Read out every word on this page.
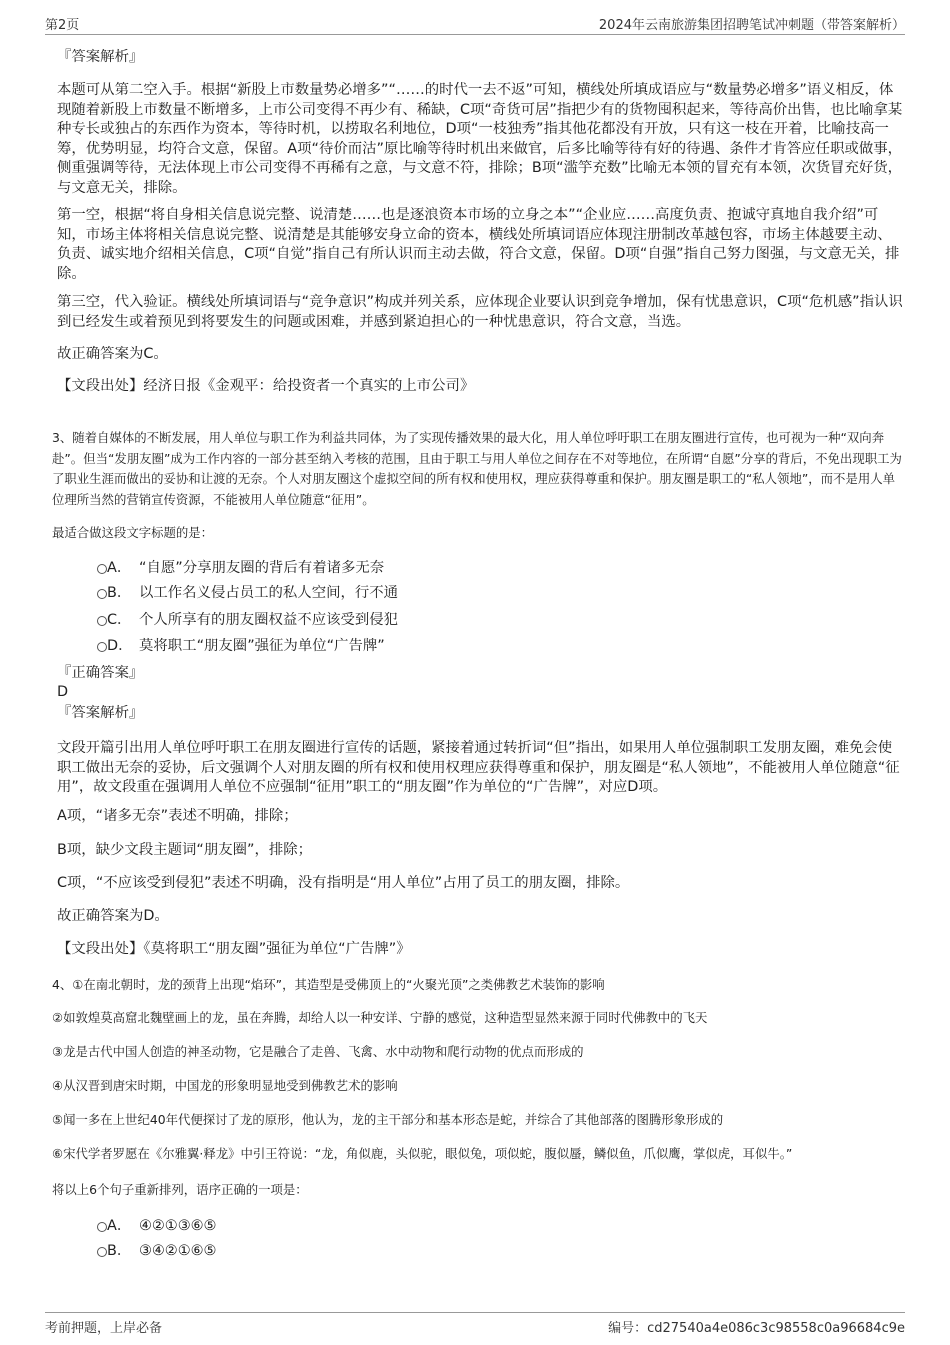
第2页	2024年云南旅游集团招聘笔试冲刺题（带答案解析）

『答案解析』

本题可从第二空入手。根据“新股上市数量势必增多”“……的时代一去不返”可知，横线处所填成语应与“数量势必增多”语义相反，体现随着新股上市数量不断增多，上市公司变得不再少有、稀缺，C项“奇货可居”指把少有的货物囤积起来，等待高价出售，也比喻拿某种专长或独占的东西作为资本，等待时机，以捞取名利地位，D项“一枝独秀”指其他花都没有开放，只有这一枝在开着，比喻技高一筹，优势明显，均符合文意，保留。A项“待价而沽”原比喻等待时机出来做官，后多比喻等待有好的待遇、条件才肯答应任职或做事，侧重强调等待，无法体现上市公司变得不再稀有之意，与文意不符，排除；B项“滥竽充数”比喻无本领的冒充有本领，次货冒充好货，与文意无关，排除。

第一空，根据“将自身相关信息说完整、说清楚……也是逐浪资本市场的立身之本”“企业应……高度负责、抱诚守真地自我介绍”可知，市场主体将相关信息说完整、说清楚是其能够安身立命的资本，横线处所填词语应体现注册制改革越包容，市场主体越要主动、负责、诚实地介绍相关信息，C项“自觉”指自己有所认识而主动去做，符合文意，保留。D项“自强”指自己努力图强，与文意无关，排除。

第三空，代入验证。横线处所填词语与“竞争意识”构成并列关系，应体现企业要认识到竞争增加，保有忧患意识，C项“危机感”指认识到已经发生或着预见到将要发生的问题或困难，并感到紧迫担心的一种忧患意识，符合文意，当选。

故正确答案为C。

【文段出处】经济日报《金观平：给投资者一个真实的上市公司》

3、随着自媒体的不断发展，用人单位与职工作为利益共同体，为了实现传播效果的最大化，用人单位呼吁职工在朋友圈进行宣传，也可视为一种“双向奔赴”。但当“发朋友圈”成为工作内容的一部分甚至纳入考核的范围，且由于职工与用人单位之间存在不对等地位，在所谓“自愿”分享的背后，不免出现职工为了职业生涯而做出的妥协和让渡的无奈。个人对朋友圈这个虚拟空间的所有权和使用权，理应获得尊重和保护。朋友圈是职工的“私人领地”，而不是用人单位理所当然的营销宣传资源，不能被用人单位随意“征用”。

最适合做这段文字标题的是：

A． “自愿”分享朋友圈的背后有着诸多无奈
B． 以工作名义侵占员工的私人空间，行不通
C． 个人所享有的朋友圈权益不应该受到侵犯
D． 莫将职工“朋友圈”强征为单位“广告牌”

『正确答案』

D

『答案解析』

文段开篇引出用人单位呼吁职工在朋友圈进行宣传的话题，紧接着通过转折词“但”指出，如果用人单位强制职工发朋友圈，难免会使职工做出无奈的妥协，后文强调个人对朋友圈的所有权和使用权理应获得尊重和保护，朋友圈是“私人领地”，不能被用人单位随意“征用”，故文段重在强调用人单位不应强制“征用”职工的“朋友圈”作为单位的“广告牌”，对应D项。

A项，“诸多无奈”表述不明确，排除；

B项，缺少文段主题词“朋友圈”，排除；

C项，“不应该受到侵犯”表述不明确，没有指明是“用人单位”占用了员工的朋友圈，排除。

故正确答案为D。

【文段出处】《莫将职工“朋友圈”强征为单位“广告牌”》

4、①在南北朝时，龙的颈背上出现“焰环”，其造型是受佛顶上的“火聚光顶”之类佛教艺术装饰的影响

②如敦煌莫高窟北魏壁画上的龙，虽在奔腾，却给人以一种安详、宁静的感觉，这种造型显然来源于同时代佛教中的飞天

③龙是古代中国人创造的神圣动物，它是融合了走兽、飞禽、水中动物和爬行动物的优点而形成的

④从汉晋到唐宋时期，中国龙的形象明显地受到佛教艺术的影响

⑤闻一多在上世纪40年代便探讨了龙的原形，他认为，龙的主干部分和基本形态是蛇，并综合了其他部落的图腾形象形成的

⑥宋代学者罗愿在《尔雅翼·释龙》中引王符说：“龙，角似鹿，头似驼，眼似兔，项似蛇，腹似蜃，鳞似鱼，爪似鹰，掌似虎，耳似牛。”

将以上6个句子重新排列，语序正确的一项是：

A． ④②①③⑥⑤
B． ③④②①⑥⑤
考前押题，上岸必备	编号：cd27540a4e086c3c98558c0a96684c9e
